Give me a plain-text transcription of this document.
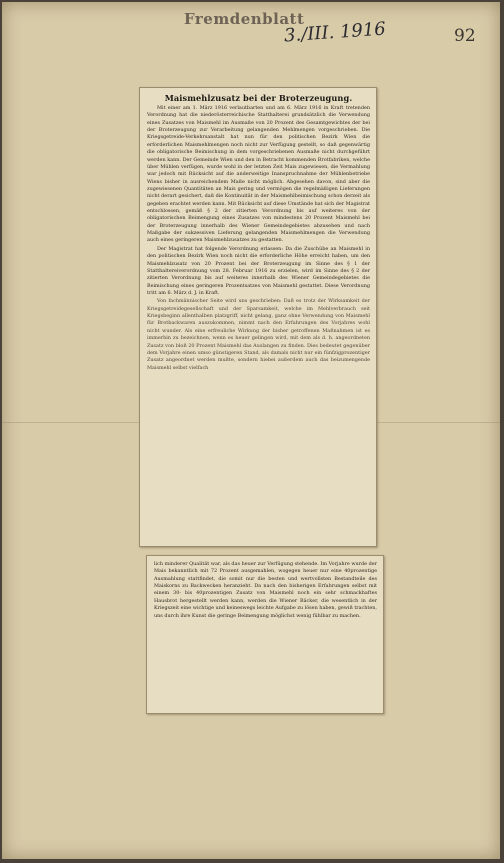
Fremdenblatt
3./III. 1916	92
Maismehlzusatz bei der Broterzeugung.

Mit einer am 1. März 1916 verlautbarten und am 6. März 1916 in Kraft tretenden Verordnung hat die niederösterreichische Statthalterei grundsätzlich die Verwendung eines Zusatzes von Maismehl im Ausmaße von 20 Prozent des Gesamtgewichtes der bei der Broterzeugung zur Verarbeitung gelangenden Mehlmengen vorgeschrieben. Die Kriegsgetreide-Verkehrsanstalt hat nun für den politischen Bezirk Wien die erforderlichen Maismehlmengen noch nicht zur Verfügung gestellt, so daß gegenwärtig die obligatorische Beimischung in dem vorgeschriebenen Ausmaße nicht durchgeführt werden kann. Der Gemeinde Wien und den in Betracht kommenden Brotfabriken, welche über Mühlen verfügen, wurde wohl in der letzten Zeit Mais zugewiesen, die Vermahlung war jedoch mit Rücksicht auf die anderweitige Inanspruchnahme der Mühlenbetriebe Wiens bisher in ausreichendem Maße nicht möglich. Abgesehen davon, sind aber die zugewiesenen Quantitäten an Mais gering und vermögen die regelmäßigen Lieferungen nicht derart gesichert, daß die Kontinuität in der Maismehlbeimischung schon derzeit als gegeben erachtet werden kann. Mit Rücksicht auf diese Umstände hat sich der Magistrat entschlossen, gemäß § 2 der zitierten Verordnung bis auf weiteres von der obligatorischen Beimengung eines Zusatzes von mindestens 20 Prozent Maismehl bei der Broterzeugung innerhalb des Wiener Gemeindegebietes abzusehen und nach Maßgabe der sukzessiven Lieferung gelangenden Maismehlmengen die Verwendung auch eines geringeren Maismehlzusatzes zu gestatten.

Der Magistrat hat folgende Verordnung erlassen: Da die Zuschübe an Maismehl in den politischen Bezirk Wien noch nicht die erforderliche Höhe erreicht haben, um den Maismehlzusatz von 20 Prozent bei der Broterzeugung im Sinne des § 1 der Statthaltereiverordnung vom 28. Februar 1916 zu erzielen, wird im Sinne des § 2 der zitierten Verordnung bis auf weiteres innerhalb des Wiener Gemeindegebietes die Beimischung eines geringeren Prozentsatzes von Maismehl gestattet. Diese Verordnung tritt am 6. März d. J. in Kraft.

Von fachmännischer Seite wird uns geschrieben: Daß es trotz der Wirksamkeit der Kriegsgetreidegesellschaft und der Sparsamkeit, welche im Mehlverbrauch seit Kriegsbeginn allenthalben platzgriff, nicht gelang, ganz ohne Verwendung von Maismehl für Brotbackwaren auszukommen, nimmt nach den Erfahrungen des Vorjahres wohl nicht wunder. Als eine erfreuliche Wirkung der bisher getroffenen Maßnahmen ist es immerhin zu bezeichnen, wenn es heuer gelingen wird, mit dem als d. h. angeordneten Zusatz von bloß 20 Prozent Maismehl das Auslangen zu finden. Dies bedeutet gegenüber dem Vorjahre einen umso günstigeren Stand, als damals nicht nur ein fünfzigprozentiger Zusatz angeordnet werden mußte, sondern hiebei außerdem auch das beizumengende Maismehl selbst vielfach

lich minderer Qualität war, als das heuer zur Verfügung stehende. Im Vorjahre wurde der Mais bekanntlich mit 72 Prozent ausgemahlen, wogegen heuer nur eine 40prozentige Ausmahlung stattfindet, die somit nur die besten und wertvollsten Bestandteile des Maiskorns zu Backwecken heranzieht. Da nach den bisherigen Erfahrungen selbst mit einem 30- bis 40prozentigen Zusatz von Maismehl noch ein sehr schmackhaftes Hausbrot hergestellt werden kann, werden die Wiener Bäcker, die wesentlich in der Kriegszeit eine wichtige und keineswegs leichte Aufgabe zu lösen haben, gewiß trachten, uns durch ihre Kunst die geringe Beimengung möglichst wenig fühlbar zu machen.
